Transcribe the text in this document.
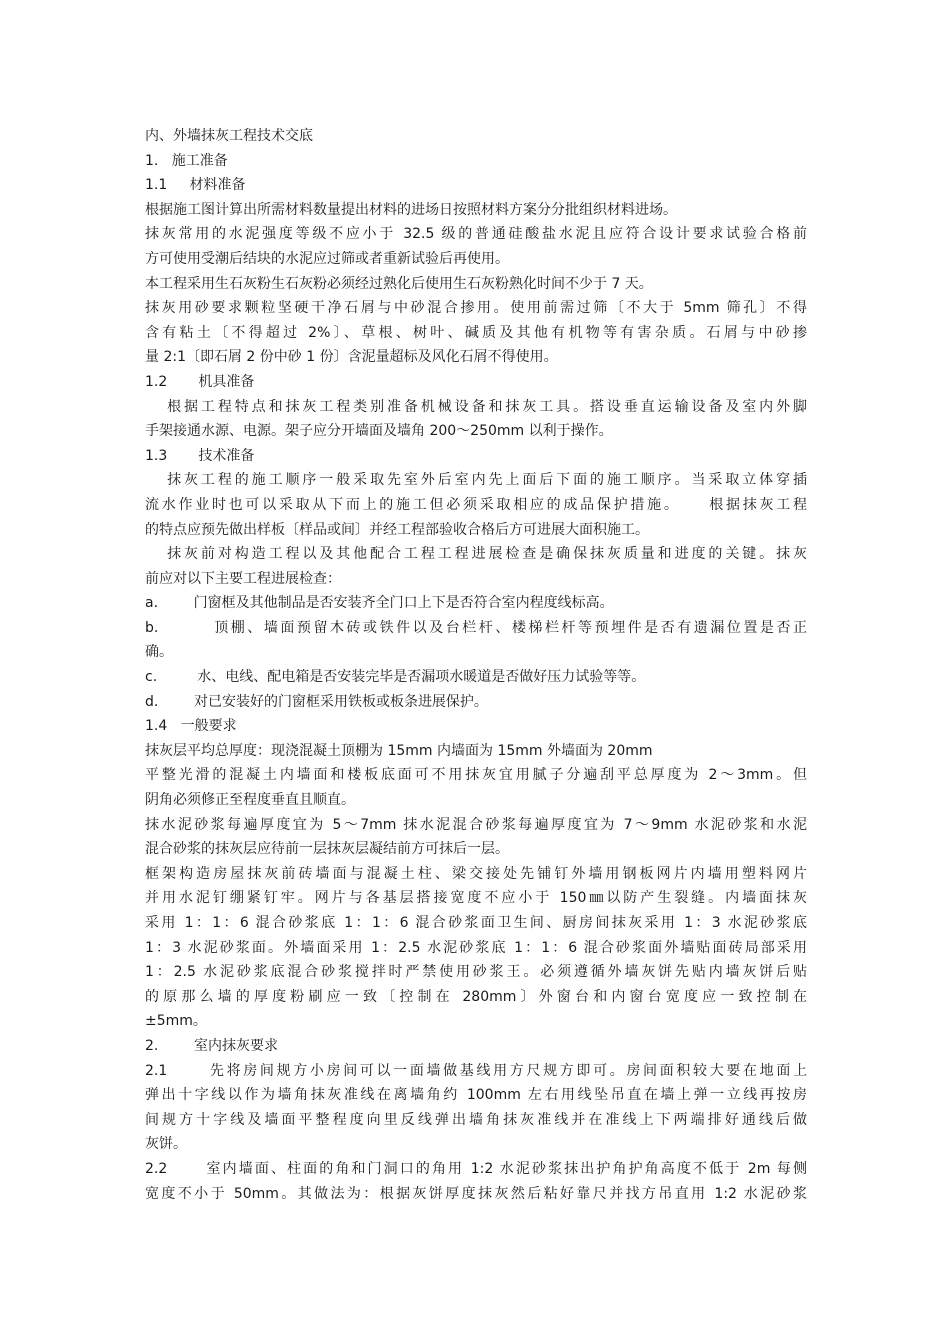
内、外墙抹灰工程技术交底
1.   施工准备
1.1     材料准备
根据施工图计算出所需材料数量提出材料的进场日按照材料方案分分批组织材料进场。
抹灰常用的水泥强度等级不应小于 32.5 级的普通硅酸盐水泥且应符合设计要求试验合格前
方可使用受潮后结块的水泥应过筛或者重新试验后再使用。
本工程采用生石灰粉生石灰粉必须经过熟化后使用生石灰粉熟化时间不少于 7 天。
抹灰用砂要求颗粒坚硬干净石屑与中砂混合掺用。使用前需过筛〔不大于 5mm 筛孔〕不得
含有粘土〔不得超过 2%〕、草根、树叶、碱质及其他有机物等有害杂质。石屑与中砂掺
量 2:1〔即石屑 2 份中砂 1 份〕含泥量超标及风化石屑不得使用。
1.2       机具准备
根据工程特点和抹灰工程类别准备机械设备和抹灰工具。搭设垂直运输设备及室内外脚
手架接通水源、电源。架子应分开墙面及墙角 200～250mm 以利于操作。
1.3       技术准备
抹灰工程的施工顺序一般采取先室外后室内先上面后下面的施工顺序。当采取立体穿插
流水作业时也可以采取从下而上的施工但必须采取相应的成品保护措施。    根据抹灰工程
的特点应预先做出样板〔样品或间〕并经工程部验收合格后方可进展大面积施工。
抹灰前对构造工程以及其他配合工程工程进展检查是确保抹灰质量和进度的关键。抹灰
前应对以下主要工程进展检查：
a.        门窗框及其他制品是否安装齐全门口上下是否符合室内程度线标高。
b.        顶棚、墙面预留木砖或铁件以及台栏杆、楼梯栏杆等预埋件是否有遗漏位置是否正
确。
c.         水、电线、配电箱是否安装完毕是否漏项水暖道是否做好压力试验等等。
d.        对已安装好的门窗框采用铁板或板条进展保护。
1.4   一般要求
抹灰层平均总厚度：现浇混凝土顶棚为 15mm 内墙面为 15mm 外墙面为 20mm
平整光滑的混凝土内墙面和楼板底面可不用抹灰宜用腻子分遍刮平总厚度为 2～3mm。但
阴角必须修正至程度垂直且顺直。
抹水泥砂浆每遍厚度宜为 5～7mm 抹水泥混合砂浆每遍厚度宜为 7～9mm 水泥砂浆和水泥
混合砂浆的抹灰层应待前一层抹灰层凝结前方可抹后一层。
框架构造房屋抹灰前砖墙面与混凝土柱、梁交接处先铺钉外墙用钢板网片内墙用塑料网片
并用水泥钉绷紧钉牢。网片与各基层搭接宽度不应小于 150㎜以防产生裂缝。内墙面抹灰
采用 1：1：6 混合砂浆底 1：1：6 混合砂浆面卫生间、厨房间抹灰采用 1：3 水泥砂浆底
1：3 水泥砂浆面。外墙面采用 1：2.5 水泥砂浆底 1：1：6 混合砂浆面外墙贴面砖局部采用
1：2.5 水泥砂浆底混合砂浆搅拌时严禁使用砂浆王。必须遵循外墙灰饼先贴内墙灰饼后贴
的原那么墙的厚度粉刷应一致〔控制在 280mm〕外窗台和内窗台宽度应一致控制在
±5mm。
2.        室内抹灰要求
2.1      先将房间规方小房间可以一面墙做基线用方尺规方即可。房间面积较大要在地面上
弹出十字线以作为墙角抹灰准线在离墙角约 100mm 左右用线坠吊直在墙上弹一立线再按房
间规方十字线及墙面平整程度向里反线弹出墙角抹灰准线并在准线上下两端排好通线后做
灰饼。
2.2      室内墙面、柱面的角和门洞口的角用 1:2 水泥砂浆抹出护角护角高度不低于 2m 每侧
宽度不小于 50mm。其做法为：根据灰饼厚度抹灰然后粘好靠尺并找方吊直用 1:2 水泥砂浆
